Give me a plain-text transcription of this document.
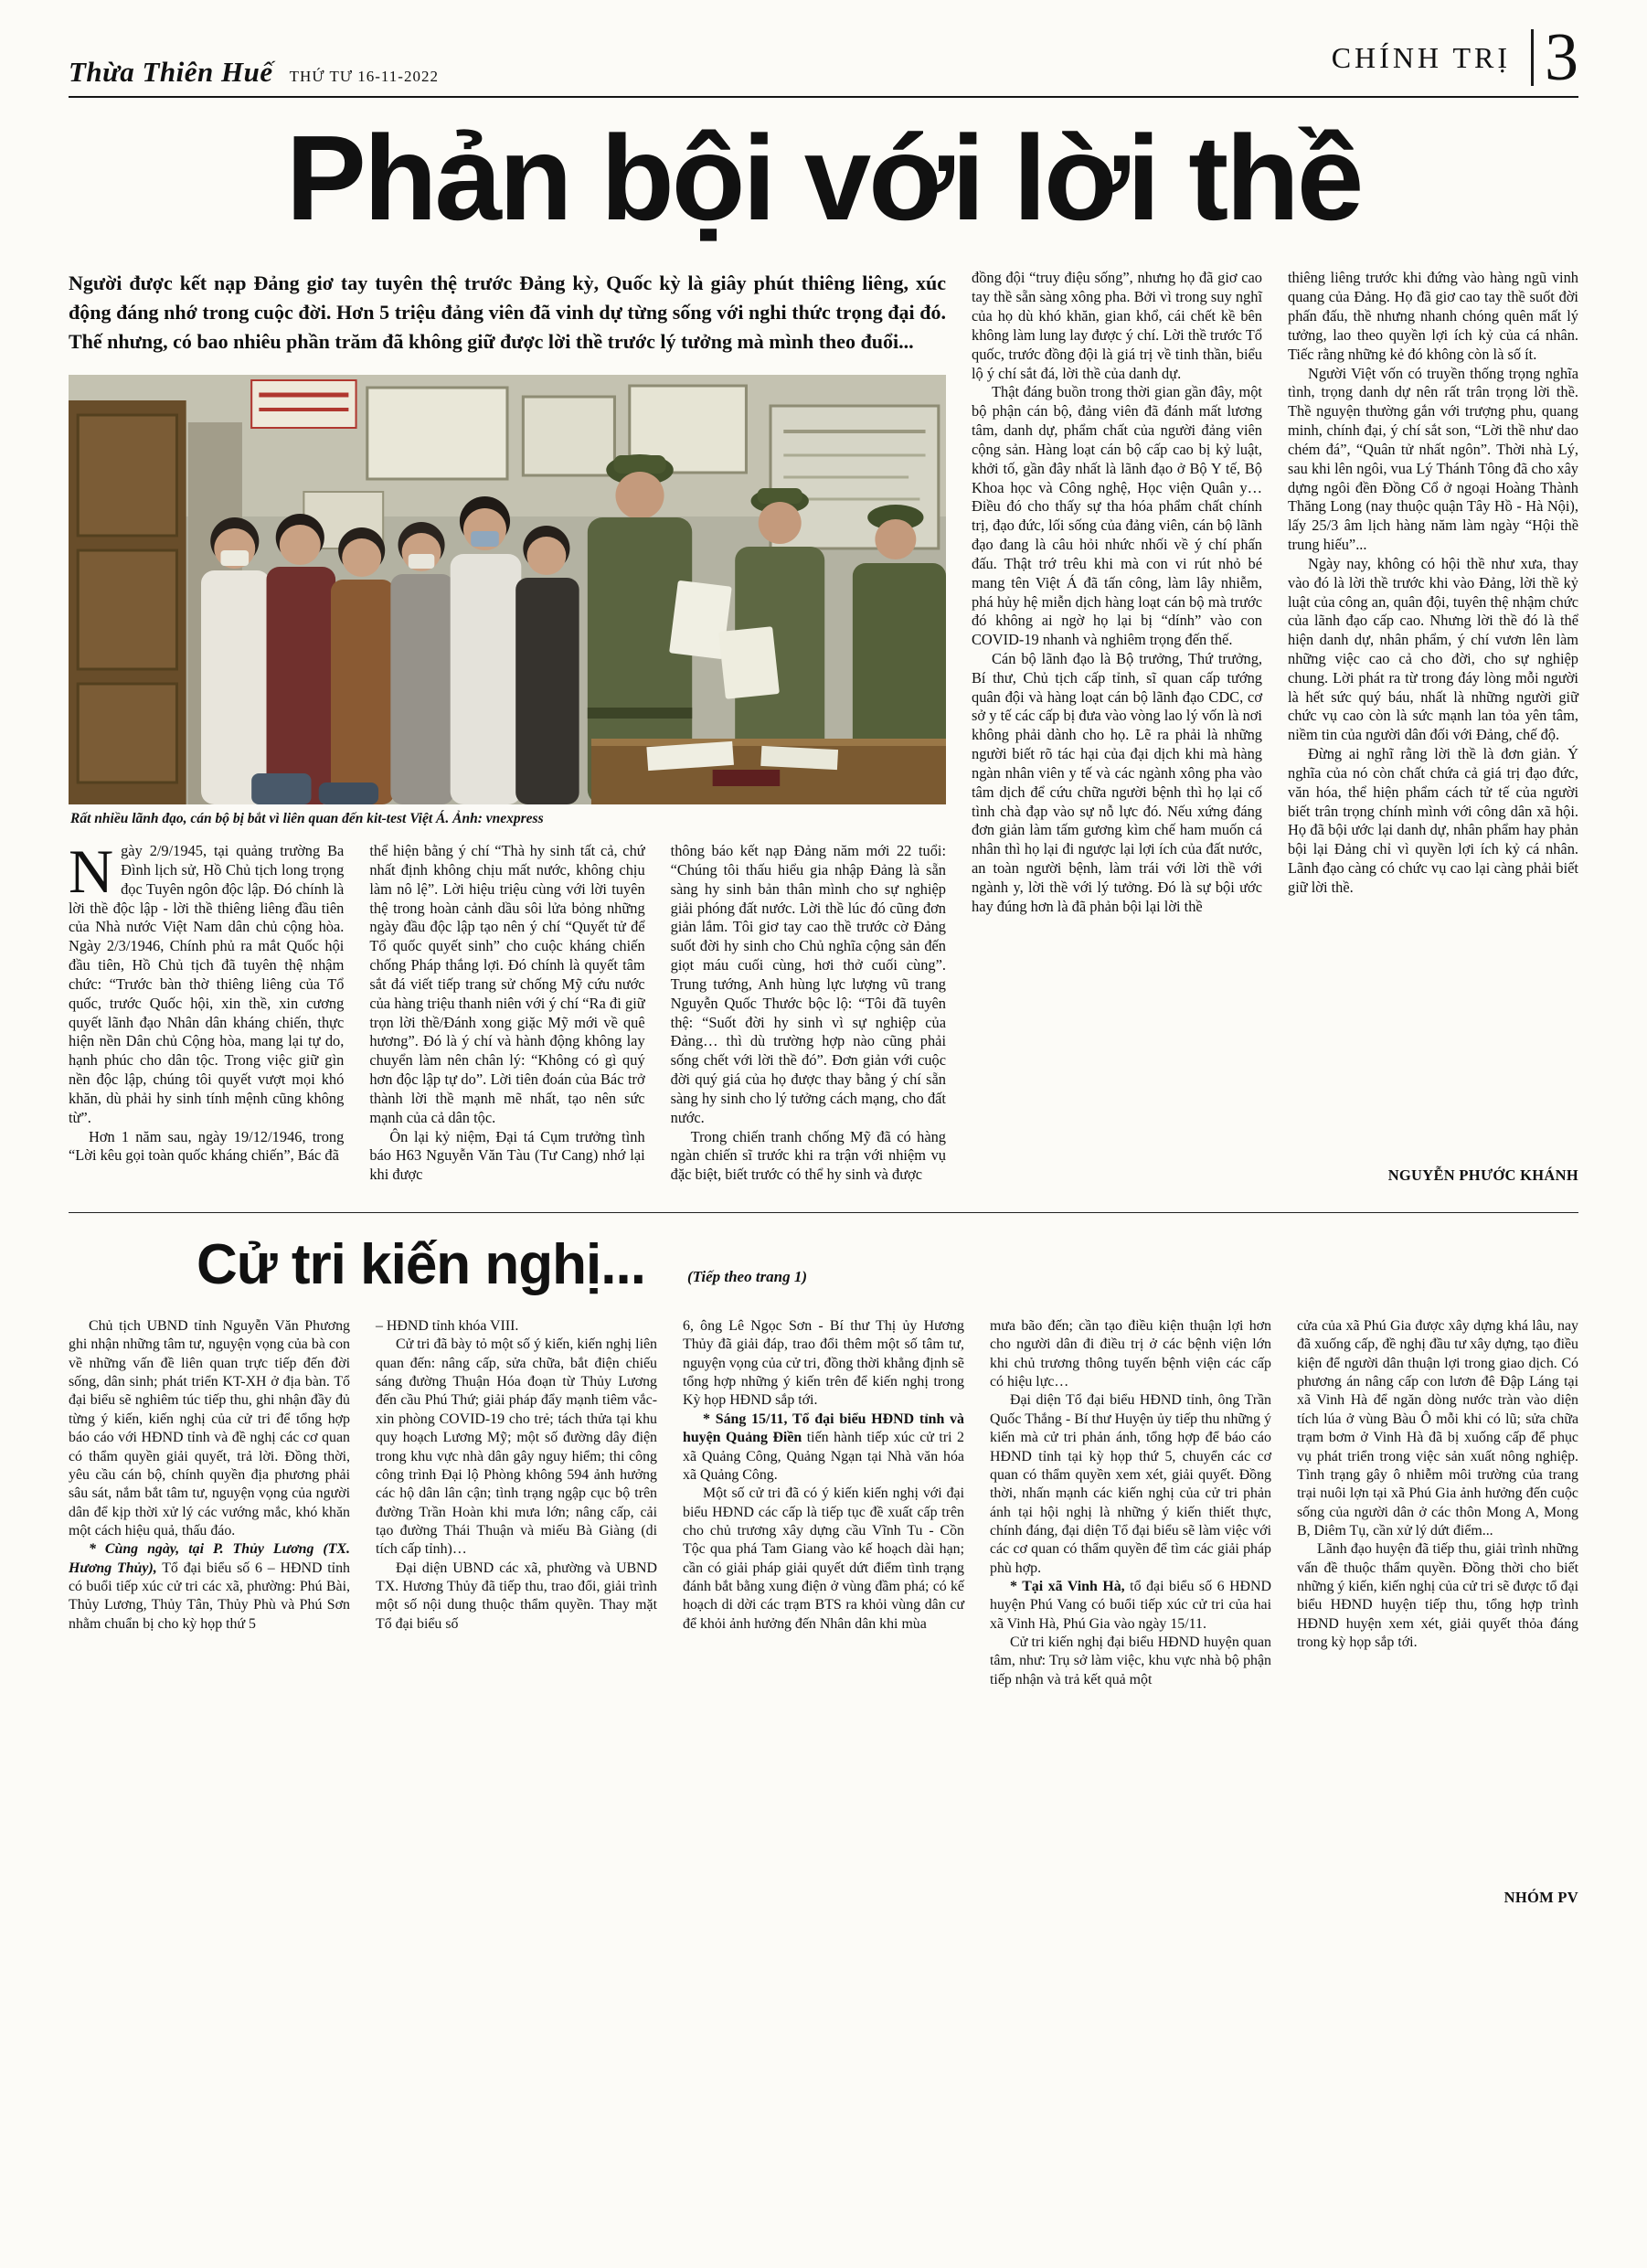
Thừa Thiên Huế THỨ TƯ 16-11-2022
CHÍNH TRỊ 3
Phản bội với lời thề

Người được kết nạp Đảng giơ tay tuyên thệ trước Đảng kỳ, Quốc kỳ là giây phút thiêng liêng, xúc động đáng nhớ trong cuộc đời. Hơn 5 triệu đảng viên đã vinh dự từng sống với nghi thức trọng đại đó. Thế nhưng, có bao nhiêu phần trăm đã không giữ được lời thề trước lý tưởng mà mình theo đuổi...

Rất nhiều lãnh đạo, cán bộ bị bắt vì liên quan đến kit-test Việt Á. Ảnh: vnexpress

Ngày 2/9/1945, tại quảng trường Ba Đình lịch sử, Hồ Chủ tịch long trọng đọc Tuyên ngôn độc lập. Đó chính là lời thề độc lập - lời thề thiêng liêng đầu tiên của Nhà nước Việt Nam dân chủ cộng hòa. Ngày 2/3/1946, Chính phủ ra mắt Quốc hội đầu tiên, Hồ Chủ tịch đã tuyên thệ nhậm chức: “Trước bàn thờ thiêng liêng của Tổ quốc, trước Quốc hội, xin thề, xin cương quyết lãnh đạo Nhân dân kháng chiến, thực hiện nền Dân chủ Cộng hòa, mang lại tự do, hạnh phúc cho dân tộc. Trong việc giữ gìn nền độc lập, chúng tôi quyết vượt mọi khó khăn, dù phải hy sinh tính mệnh cũng không từ”.

Hơn 1 năm sau, ngày 19/12/1946, trong “Lời kêu gọi toàn quốc kháng chiến”, Bác đã

thể hiện bằng ý chí “Thà hy sinh tất cả, chứ nhất định không chịu mất nước, không chịu làm nô lệ”. Lời hiệu triệu cùng với lời tuyên thệ trong hoàn cảnh dầu sôi lửa bỏng những ngày đầu độc lập tạo nên ý chí “Quyết tử để Tổ quốc quyết sinh” cho cuộc kháng chiến chống Pháp thắng lợi. Đó chính là quyết tâm sắt đá viết tiếp trang sử chống Mỹ cứu nước của hàng triệu thanh niên với ý chí “Ra đi giữ trọn lời thề/Đánh xong giặc Mỹ mới về quê hương”. Đó là ý chí và hành động không lay chuyển làm nên chân lý: “Không có gì quý hơn độc lập tự do”. Lời tiên đoán của Bác trở thành lời thề mạnh mẽ nhất, tạo nên sức mạnh của cả dân tộc.

Ôn lại kỷ niệm, Đại tá Cụm trưởng tình báo H63 Nguyễn Văn Tàu (Tư Cang) nhớ lại khi được

thông báo kết nạp Đảng năm mới 22 tuổi: “Chúng tôi thấu hiểu gia nhập Đảng là sẵn sàng hy sinh bản thân mình cho sự nghiệp giải phóng đất nước. Lời thề lúc đó cũng đơn giản lắm. Tôi giơ tay cao thề trước cờ Đảng suốt đời hy sinh cho Chủ nghĩa cộng sản đến giọt máu cuối cùng, hơi thở cuối cùng”. Trung tướng, Anh hùng lực lượng vũ trang Nguyễn Quốc Thước bộc lộ: “Tôi đã tuyên thệ: “Suốt đời hy sinh vì sự nghiệp của Đảng… thì dù trường hợp nào cũng phải sống chết với lời thề đó”. Đơn giản với cuộc đời quý giá của họ được thay bằng ý chí sẵn sàng hy sinh cho lý tưởng cách mạng, cho đất nước.

Trong chiến tranh chống Mỹ đã có hàng ngàn chiến sĩ trước khi ra trận với nhiệm vụ đặc biệt, biết trước có thể hy sinh và được

đồng đội “truy điệu sống”, nhưng họ đã giơ cao tay thề sẵn sàng xông pha. Bởi vì trong suy nghĩ của họ dù khó khăn, gian khổ, cái chết kề bên không làm lung lay được ý chí. Lời thề trước Tổ quốc, trước đồng đội là giá trị về tinh thần, biểu lộ ý chí sắt đá, lời thề của danh dự.

Thật đáng buồn trong thời gian gần đây, một bộ phận cán bộ, đảng viên đã đánh mất lương tâm, danh dự, phẩm chất của người đảng viên cộng sản. Hàng loạt cán bộ cấp cao bị kỷ luật, khởi tố, gần đây nhất là lãnh đạo ở Bộ Y tế, Bộ Khoa học và Công nghệ, Học viện Quân y… Điều đó cho thấy sự tha hóa phẩm chất chính trị, đạo đức, lối sống của đảng viên, cán bộ lãnh đạo đang là câu hỏi nhức nhối về ý chí phấn đấu. Thật trớ trêu khi mà con vi rút nhỏ bé mang tên Việt Á đã tấn công, làm lây nhiễm, phá hủy hệ miễn dịch hàng loạt cán bộ mà trước đó không ai ngờ họ lại bị “dính” vào con COVID-19 nhanh và nghiêm trọng đến thế.

Cán bộ lãnh đạo là Bộ trưởng, Thứ trưởng, Bí thư, Chủ tịch cấp tỉnh, sĩ quan cấp tướng quân đội và hàng loạt cán bộ lãnh đạo CDC, cơ sở y tế các cấp bị đưa vào vòng lao lý vốn là nơi không phải dành cho họ. Lẽ ra phải là những người biết rõ tác hại của đại dịch khi mà hàng ngàn nhân viên y tế và các ngành xông pha vào tâm dịch để cứu chữa người bệnh thì họ lại cố tình chà đạp vào sự nỗ lực đó. Nếu xứng đáng đơn giản làm tấm gương kìm chế ham muốn cá nhân thì họ lại đi ngược lại lợi ích của đất nước, an toàn người bệnh, làm trái với lời thề với ngành y, lời thề với lý tưởng. Đó là sự bội ước hay đúng hơn là đã phản bội lại lời thề

thiêng liêng trước khi đứng vào hàng ngũ vinh quang của Đảng. Họ đã giơ cao tay thề suốt đời phấn đấu, thề nhưng nhanh chóng quên mất lý tưởng, lao theo quyền lợi ích kỷ của cá nhân. Tiếc rằng những kẻ đó không còn là số ít.

Người Việt vốn có truyền thống trọng nghĩa tình, trọng danh dự nên rất trân trọng lời thề. Thề nguyện thường gắn với trượng phu, quang minh, chính đại, ý chí sắt son, “Lời thề như dao chém đá”, “Quân tử nhất ngôn”. Thời nhà Lý, sau khi lên ngôi, vua Lý Thánh Tông đã cho xây dựng ngôi đền Đồng Cổ ở ngoại Hoàng Thành Thăng Long (nay thuộc quận Tây Hồ - Hà Nội), lấy 25/3 âm lịch hàng năm làm ngày “Hội thề trung hiếu”...

Ngày nay, không có hội thề như xưa, thay vào đó là lời thề trước khi vào Đảng, lời thề kỷ luật của công an, quân đội, tuyên thệ nhậm chức của lãnh đạo cấp cao. Nhưng lời thề đó là thể hiện danh dự, nhân phẩm, ý chí vươn lên làm những việc cao cả cho đời, cho sự nghiệp chung. Lời phát ra từ trong đáy lòng mỗi người là hết sức quý báu, nhất là những người giữ chức vụ cao còn là sức mạnh lan tỏa yên tâm, niềm tin của người dân đối với Đảng, chế độ.

Đừng ai nghĩ rằng lời thề là đơn giản. Ý nghĩa của nó còn chất chứa cả giá trị đạo đức, văn hóa, thể hiện phẩm cách tử tế của người biết trân trọng chính mình với công dân xã hội. Họ đã bội ước lại danh dự, nhân phẩm hay phản bội lại Đảng chỉ vì quyền lợi ích kỷ cá nhân. Lãnh đạo càng có chức vụ cao lại càng phải biết giữ lời thề.

NGUYỄN PHƯỚC KHÁNH
Cử tri kiến nghị...	(Tiếp theo trang 1)

Chủ tịch UBND tỉnh Nguyễn Văn Phương ghi nhận những tâm tư, nguyện vọng của bà con về những vấn đề liên quan trực tiếp đến đời sống, dân sinh; phát triển KT-XH ở địa bàn. Tổ đại biểu sẽ nghiêm túc tiếp thu, ghi nhận đầy đủ từng ý kiến, kiến nghị của cử tri để tổng hợp báo cáo với HĐND tỉnh và đề nghị các cơ quan có thẩm quyền giải quyết, trả lời. Đồng thời, yêu cầu cán bộ, chính quyền địa phương phải sâu sát, nắm bắt tâm tư, nguyện vọng của người dân để kịp thời xử lý các vướng mắc, khó khăn một cách hiệu quả, thấu đáo.

* Cùng ngày, tại P. Thủy Lương (TX. Hương Thủy), Tổ đại biểu số 6 – HĐND tỉnh có buổi tiếp xúc cử tri các xã, phường: Phú Bài, Thủy Lương, Thủy Tân, Thủy Phù và Phú Sơn nhằm chuẩn bị cho kỳ họp thứ 5

– HĐND tỉnh khóa VIII.

Cử tri đã bày tỏ một số ý kiến, kiến nghị liên quan đến: nâng cấp, sửa chữa, bắt điện chiếu sáng đường Thuận Hóa đoạn từ Thủy Lương đến cầu Phú Thứ; giải pháp đẩy mạnh tiêm vắc-xin phòng COVID-19 cho trẻ; tách thửa tại khu quy hoạch Lương Mỹ; một số đường dây điện trong khu vực nhà dân gây nguy hiểm; thi công công trình Đại lộ Phòng không 594 ảnh hưởng các hộ dân lân cận; tình trạng ngập cục bộ trên đường Trần Hoàn khi mưa lớn; nâng cấp, cải tạo đường Thái Thuận và miếu Bà Giàng (di tích cấp tỉnh)…

Đại diện UBND các xã, phường và UBND TX. Hương Thủy đã tiếp thu, trao đổi, giải trình một số nội dung thuộc thẩm quyền. Thay mặt Tổ đại biểu số

6, ông Lê Ngọc Sơn - Bí thư Thị ủy Hương Thủy đã giải đáp, trao đổi thêm một số tâm tư, nguyện vọng của cử tri, đồng thời khẳng định sẽ tổng hợp những ý kiến trên để kiến nghị trong Kỳ họp HĐND sắp tới.

* Sáng 15/11, Tổ đại biểu HĐND tỉnh và huyện Quảng Điền tiến hành tiếp xúc cử tri 2 xã Quảng Công, Quảng Ngạn tại Nhà văn hóa xã Quảng Công.

Một số cử tri đã có ý kiến kiến nghị với đại biểu HĐND các cấp là tiếp tục đề xuất cấp trên cho chủ trương xây dựng cầu Vĩnh Tu - Cồn Tộc qua phá Tam Giang vào kế hoạch dài hạn; cần có giải pháp giải quyết dứt điểm tình trạng đánh bắt bằng xung điện ở vùng đầm phá; có kế hoạch di dời các trạm BTS ra khỏi vùng dân cư để khỏi ảnh hưởng đến Nhân dân khi mùa

mưa bão đến; cần tạo điều kiện thuận lợi hơn cho người dân đi điều trị ở các bệnh viện lớn khi chủ trương thông tuyến bệnh viện các cấp có hiệu lực…

Đại diện Tổ đại biểu HĐND tỉnh, ông Trần Quốc Thắng - Bí thư Huyện ủy tiếp thu những ý kiến mà cử tri phản ánh, tổng hợp để báo cáo HĐND tỉnh tại kỳ họp thứ 5, chuyển các cơ quan có thẩm quyền xem xét, giải quyết. Đồng thời, nhấn mạnh các kiến nghị của cử tri phản ánh tại hội nghị là những ý kiến thiết thực, chính đáng, đại diện Tổ đại biểu sẽ làm việc với các cơ quan có thẩm quyền để tìm các giải pháp phù hợp.

* Tại xã Vinh Hà, tổ đại biểu số 6 HĐND huyện Phú Vang có buổi tiếp xúc cử tri của hai xã Vinh Hà, Phú Gia vào ngày 15/11.

Cử tri kiến nghị đại biểu HĐND huyện quan tâm, như: Trụ sở làm việc, khu vực nhà bộ phận tiếp nhận và trả kết quả một

cửa của xã Phú Gia được xây dựng khá lâu, nay đã xuống cấp, đề nghị đầu tư xây dựng, tạo điều kiện để người dân thuận lợi trong giao dịch. Có phương án nâng cấp con lươn đê Đập Láng tại xã Vinh Hà để ngăn dòng nước tràn vào diện tích lúa ở vùng Bàu Ô mỗi khi có lũ; sửa chữa trạm bơm ở Vinh Hà đã bị xuống cấp để phục vụ phát triển trong việc sản xuất nông nghiệp. Tình trạng gây ô nhiễm môi trường của trang trại nuôi lợn tại xã Phú Gia ảnh hưởng đến cuộc sống của người dân ở các thôn Mong A, Mong B, Diêm Tụ, cần xử lý dứt điểm...

Lãnh đạo huyện đã tiếp thu, giải trình những vấn đề thuộc thẩm quyền. Đồng thời cho biết những ý kiến, kiến nghị của cử tri sẽ được tổ đại biểu HĐND huyện tiếp thu, tổng hợp trình HĐND huyện xem xét, giải quyết thỏa đáng trong kỳ họp sắp tới.

NHÓM PV
